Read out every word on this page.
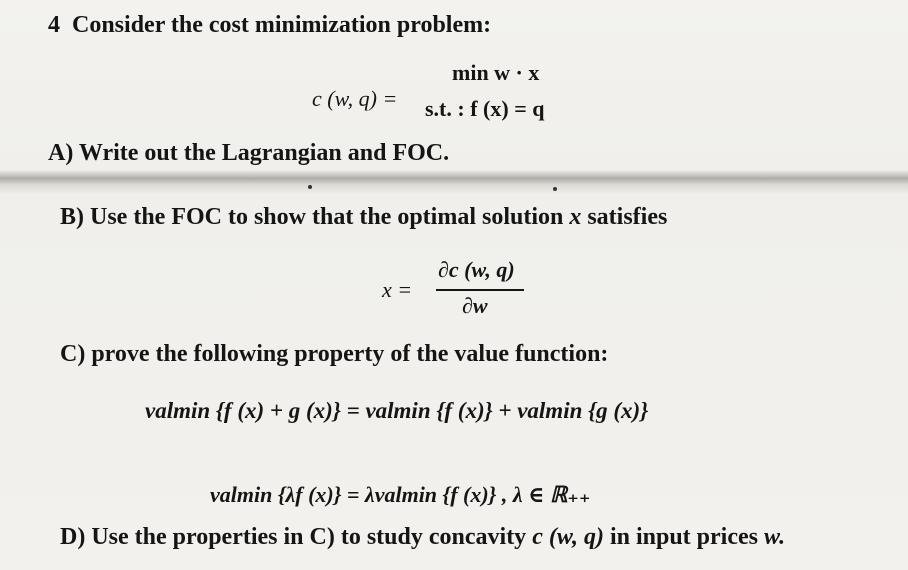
4 Consider the cost minimization problem:
c (w, q) =
min w · x
s.t. : f (x) = q
A) Write out the Lagrangian and FOC.
B) Use the FOC to show that the optimal solution x satisfies
x =
∂c (w, q)
∂w
C) prove the following property of the value function:
valmin {f (x) + g (x)} = valmin {f (x)} + valmin {g (x)}
valmin {λf (x)} = λvalmin {f (x)} , λ ∈ ℝ₊₊
D) Use the properties in C) to study concavity c (w, q) in input prices w.
